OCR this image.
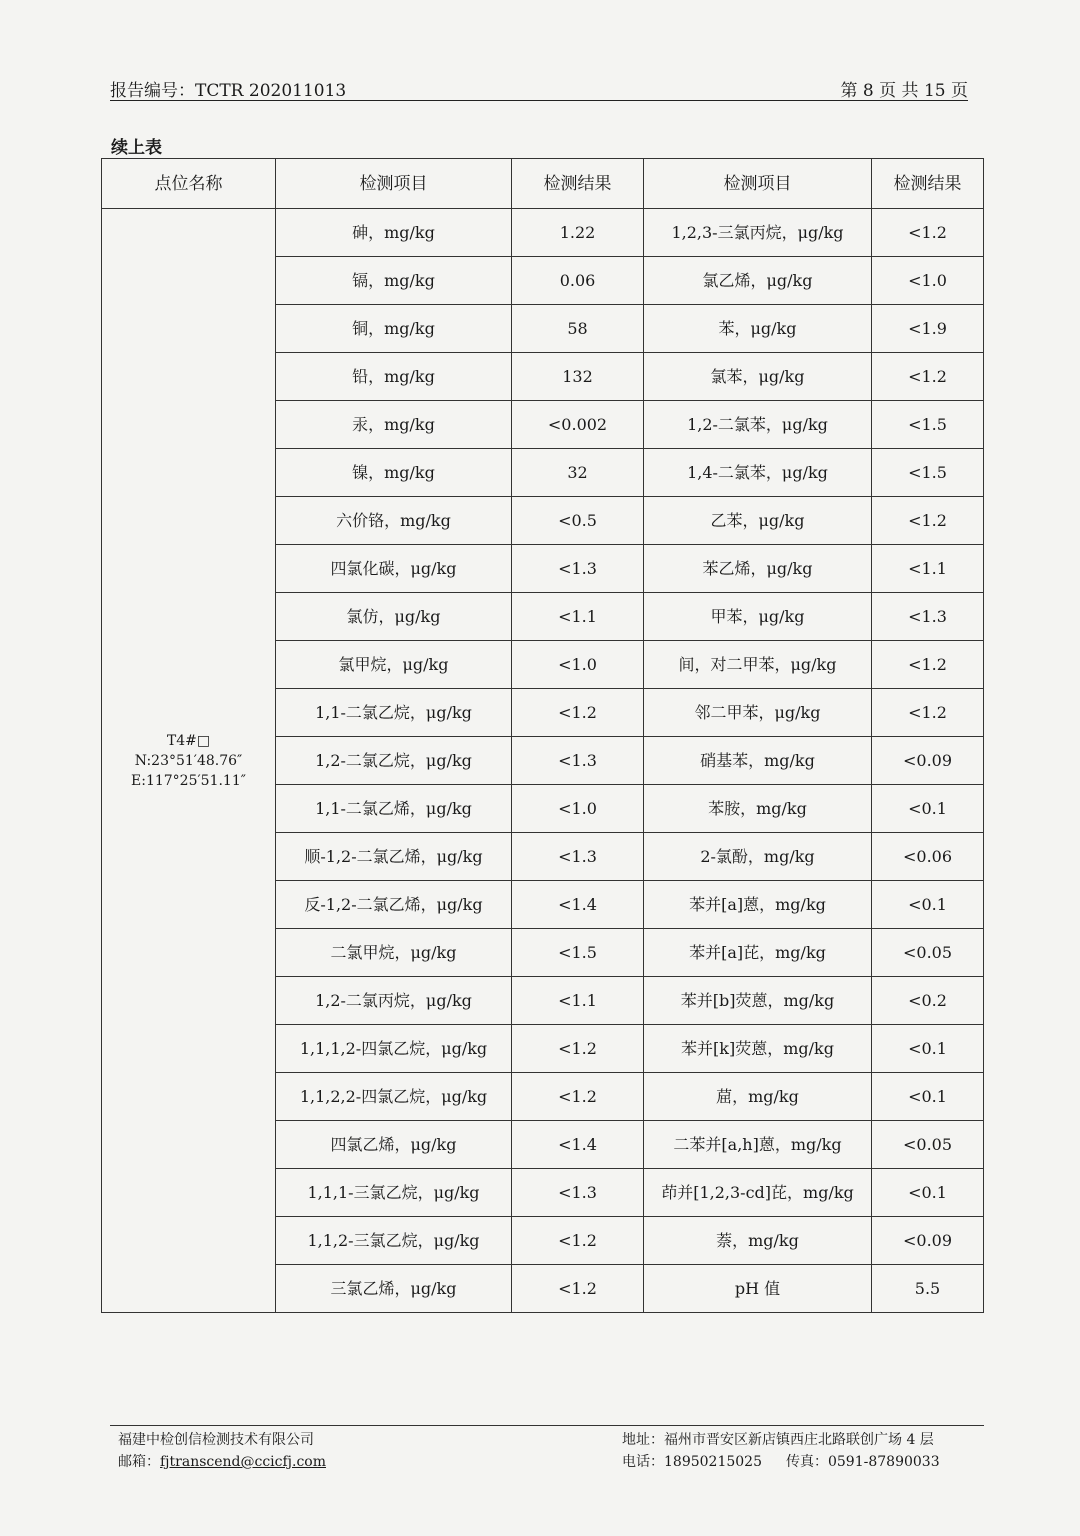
报告编号：TCTR 202011013	第 8 页 共 15 页
续上表
点位名称	检测项目	检测结果	检测项目	检测结果

T4#□
N:23°51′48.76″
E:117°25′51.11″	砷，mg/kg	1.22	1,2,3-三氯丙烷，μg/kg	<1.2
	镉，mg/kg	0.06	氯乙烯，μg/kg	<1.0
	铜，mg/kg	58	苯，μg/kg	<1.9
	铅，mg/kg	132	氯苯，μg/kg	<1.2
	汞，mg/kg	<0.002	1,2-二氯苯，μg/kg	<1.5
	镍，mg/kg	32	1,4-二氯苯，μg/kg	<1.5
	六价铬，mg/kg	<0.5	乙苯，μg/kg	<1.2
	四氯化碳，μg/kg	<1.3	苯乙烯，μg/kg	<1.1
	氯仿，μg/kg	<1.1	甲苯，μg/kg	<1.3
	氯甲烷，μg/kg	<1.0	间，对二甲苯，μg/kg	<1.2
	1,1-二氯乙烷，μg/kg	<1.2	邻二甲苯，μg/kg	<1.2
	1,2-二氯乙烷，μg/kg	<1.3	硝基苯，mg/kg	<0.09
	1,1-二氯乙烯，μg/kg	<1.0	苯胺，mg/kg	<0.1
	顺-1,2-二氯乙烯，μg/kg	<1.3	2-氯酚，mg/kg	<0.06
	反-1,2-二氯乙烯，μg/kg	<1.4	苯并[a]蒽，mg/kg	<0.1
	二氯甲烷，μg/kg	<1.5	苯并[a]芘，mg/kg	<0.05
	1,2-二氯丙烷，μg/kg	<1.1	苯并[b]荧蒽，mg/kg	<0.2
	1,1,1,2-四氯乙烷，μg/kg	<1.2	苯并[k]荧蒽，mg/kg	<0.1
	1,1,2,2-四氯乙烷，μg/kg	<1.2	䓛，mg/kg	<0.1
	四氯乙烯，μg/kg	<1.4	二苯并[a,h]蒽，mg/kg	<0.05
	1,1,1-三氯乙烷，μg/kg	<1.3	茚并[1,2,3-cd]芘，mg/kg	<0.1
	1,1,2-三氯乙烷，μg/kg	<1.2	萘，mg/kg	<0.09
	三氯乙烯，μg/kg	<1.2	pH 值	5.5
福建中检创信检测技术有限公司
邮箱：fjtranscend@ccicfj.com
地址：福州市晋安区新店镇西庄北路联创广场 4 层
电话：18950215025 传真：0591-87890033
